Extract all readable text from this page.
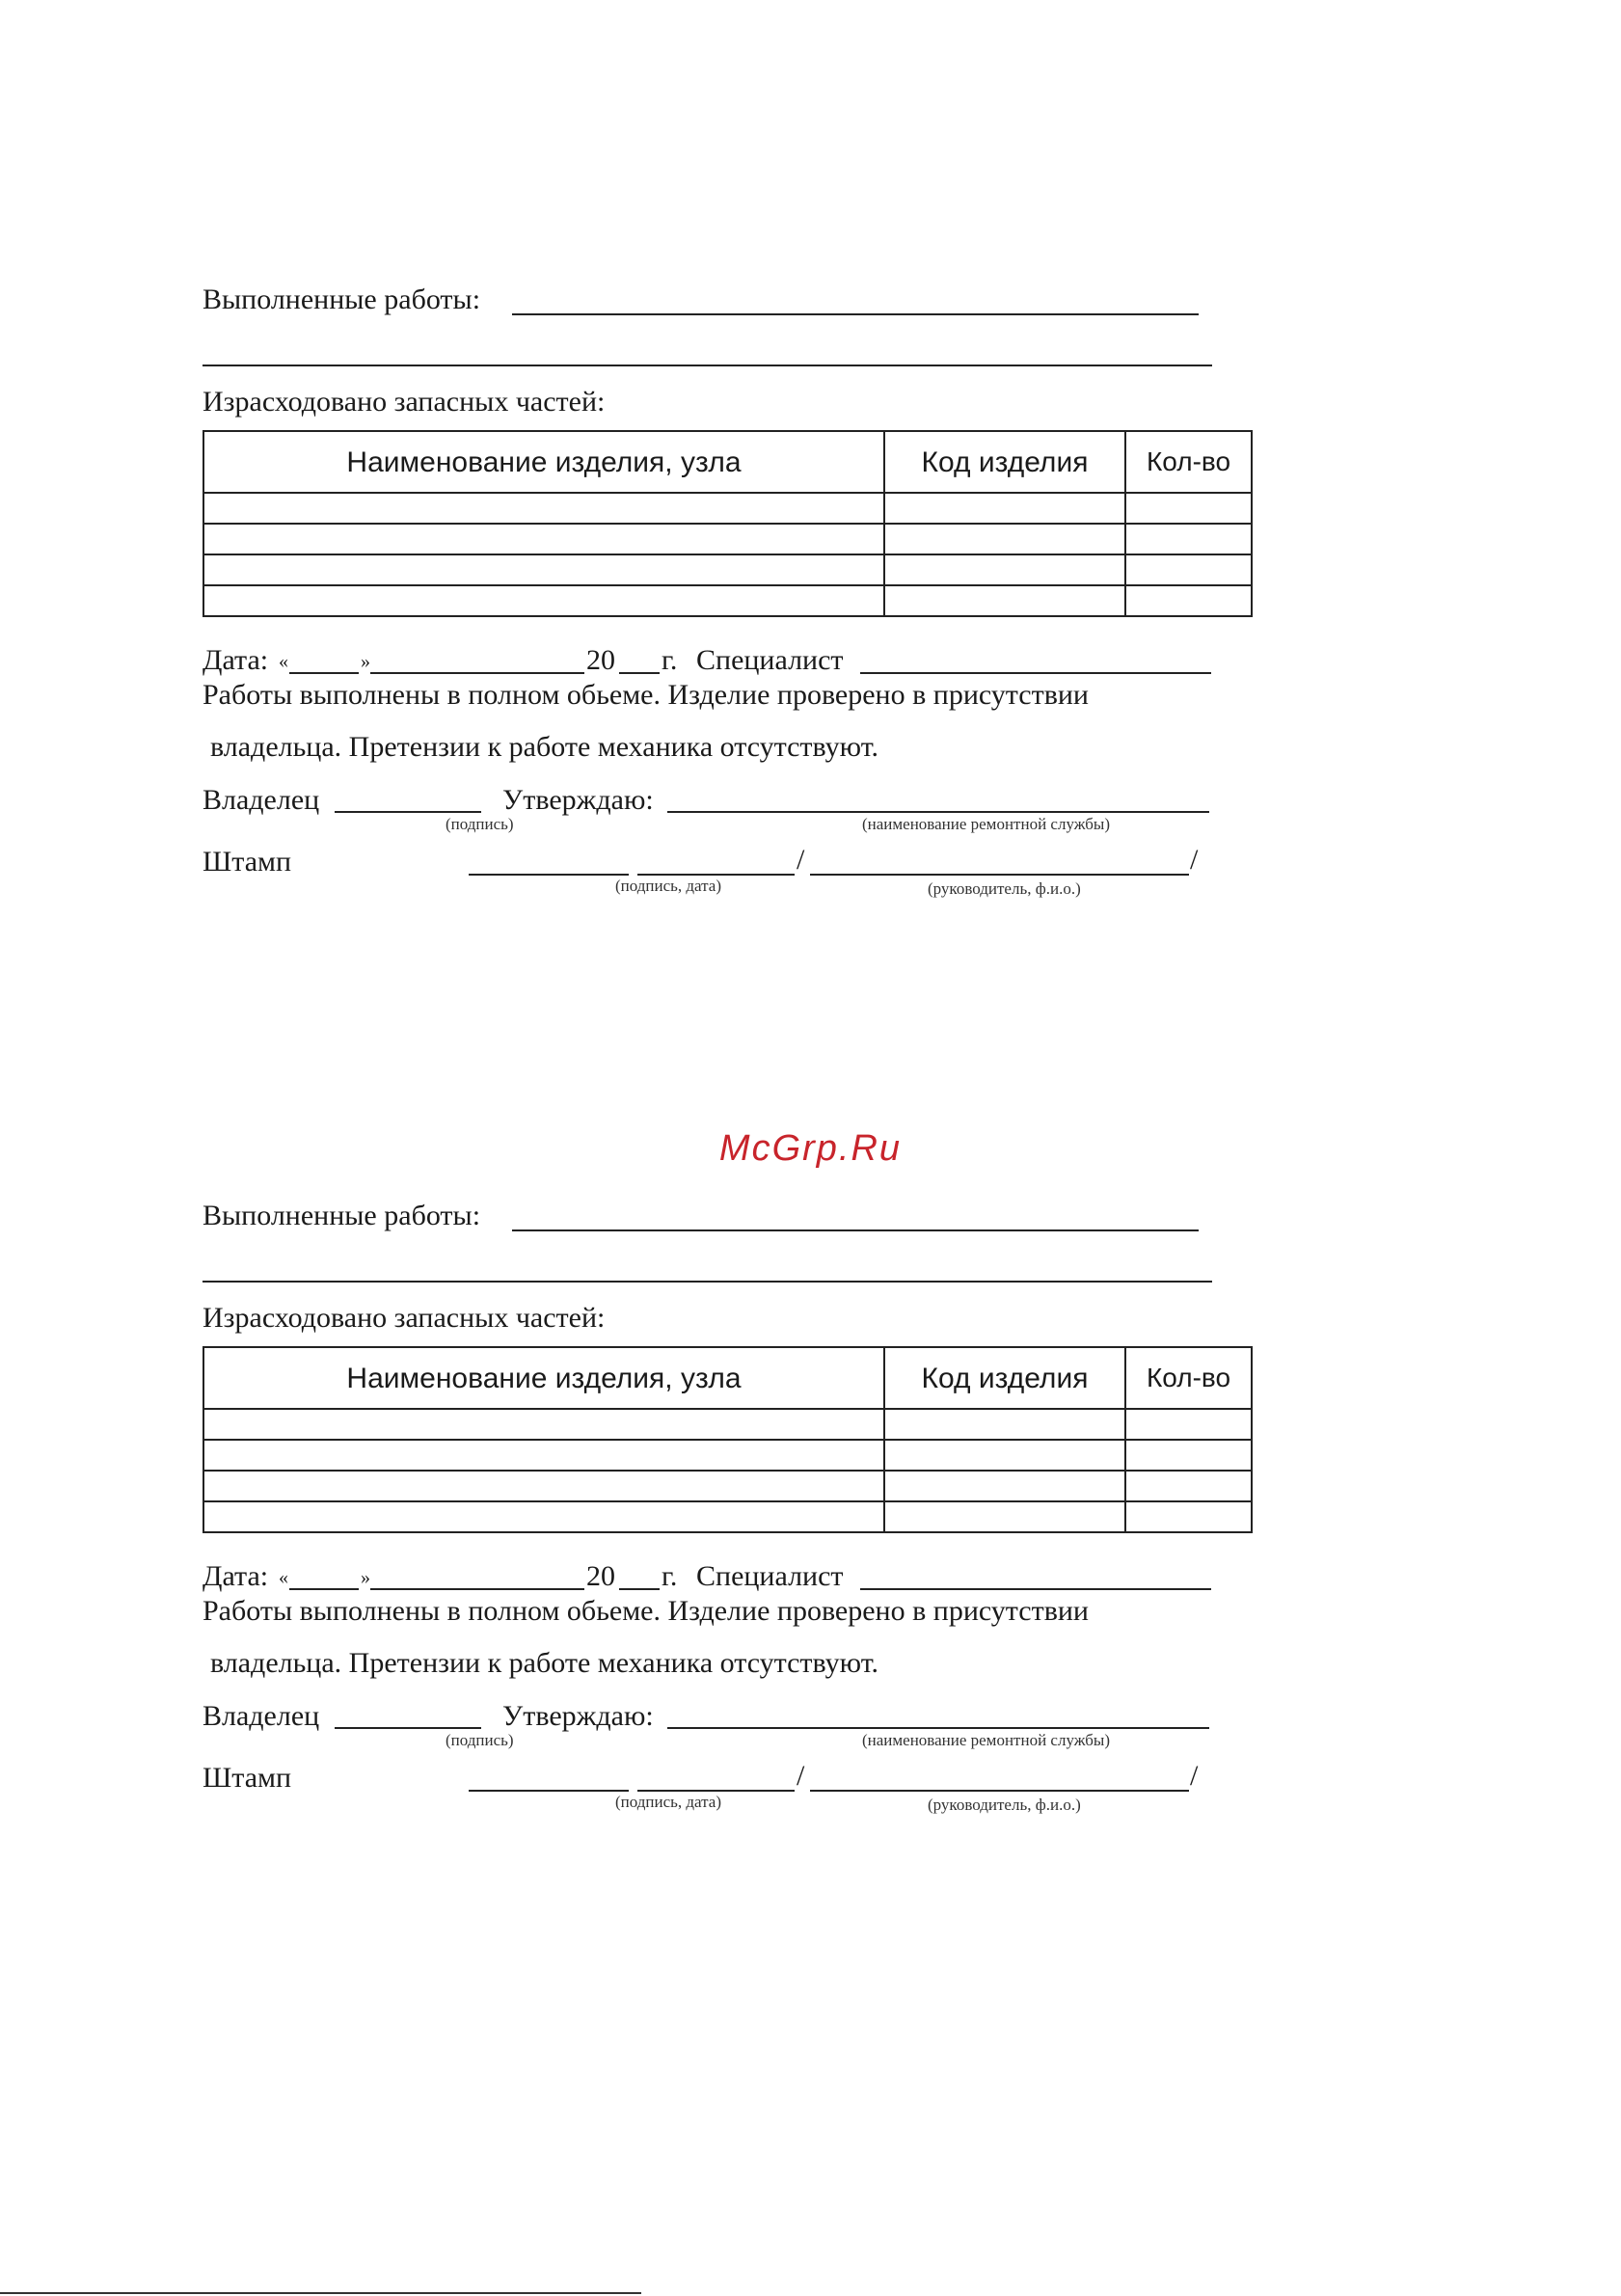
Выполненные работы:
Израсходовано запасных частей:
Наименование изделия, узла	Код изделия	Кол-во

Дата: «	»	20 г. Специалист
Работы выполнены в полном обьеме. Изделие проверено в присутствии
владельца. Претензии к работе механика отсутствуют.
Владелец
(подпись)
Утверждаю:
(наименование ремонтной службы)
Штамп	/	/
(подпись, дата)	(руководитель, ф.и.о.)
McGrp.Ru
Выполненные работы:
Израсходовано запасных частей:
Наименование изделия, узла	Код изделия	Кол-во

Дата: «	»	20 г. Специалист
Работы выполнены в полном обьеме. Изделие проверено в присутствии
владельца. Претензии к работе механика отсутствуют.
Владелец
(подпись)
Утверждаю:
(наименование ремонтной службы)
Штамп	/	/
(подпись, дата)	(руководитель, ф.и.о.)
